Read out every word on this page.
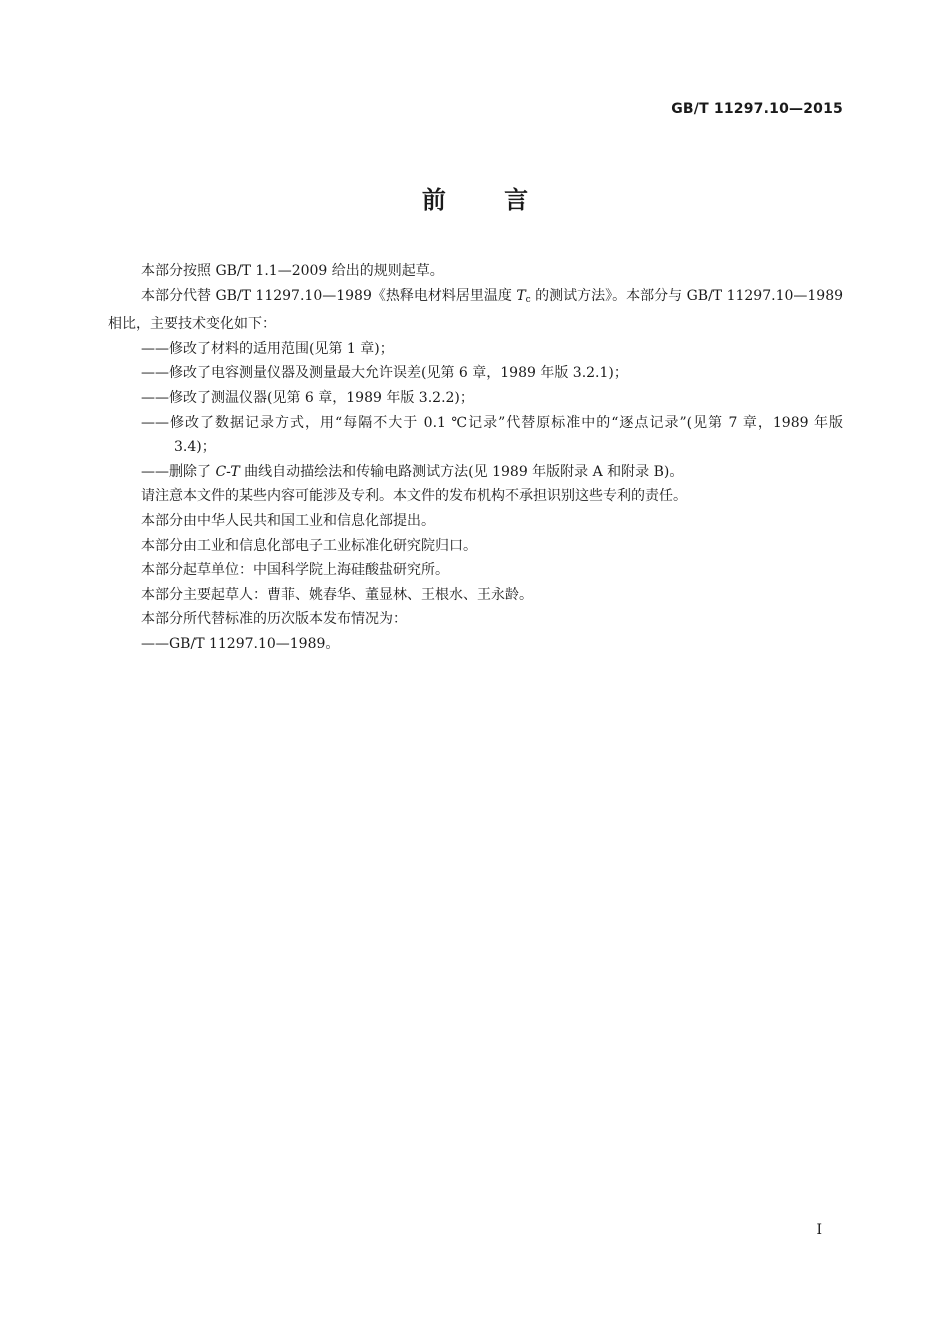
GB/T 11297.10—2015
前 言

本部分按照 GB/T 1.1—2009 给出的规则起草。

本部分代替 GB/T 11297.10—1989《热释电材料居里温度 $T_c$ 的测试方法》。本部分与 GB/T 11297.10—1989 相比，主要技术变化如下：

——修改了材料的适用范围(见第 1 章)；

——修改了电容测量仪器及测量最大允许误差(见第 6 章，1989 年版 3.2.1)；

——修改了测温仪器(见第 6 章，1989 年版 3.2.2)；

——修改了数据记录方式，用“每隔不大于 0.1 ℃记录”代替原标准中的“逐点记录”(见第 7 章，1989 年版 3.4)；

——删除了 C-T 曲线自动描绘法和传输电路测试方法(见 1989 年版附录 A 和附录 B)。

请注意本文件的某些内容可能涉及专利。本文件的发布机构不承担识别这些专利的责任。

本部分由中华人民共和国工业和信息化部提出。

本部分由工业和信息化部电子工业标准化研究院归口。

本部分起草单位：中国科学院上海硅酸盐研究所。

本部分主要起草人：曹菲、姚春华、董显林、王根水、王永龄。

本部分所代替标准的历次版本发布情况为：

——GB/T 11297.10—1989。

I
